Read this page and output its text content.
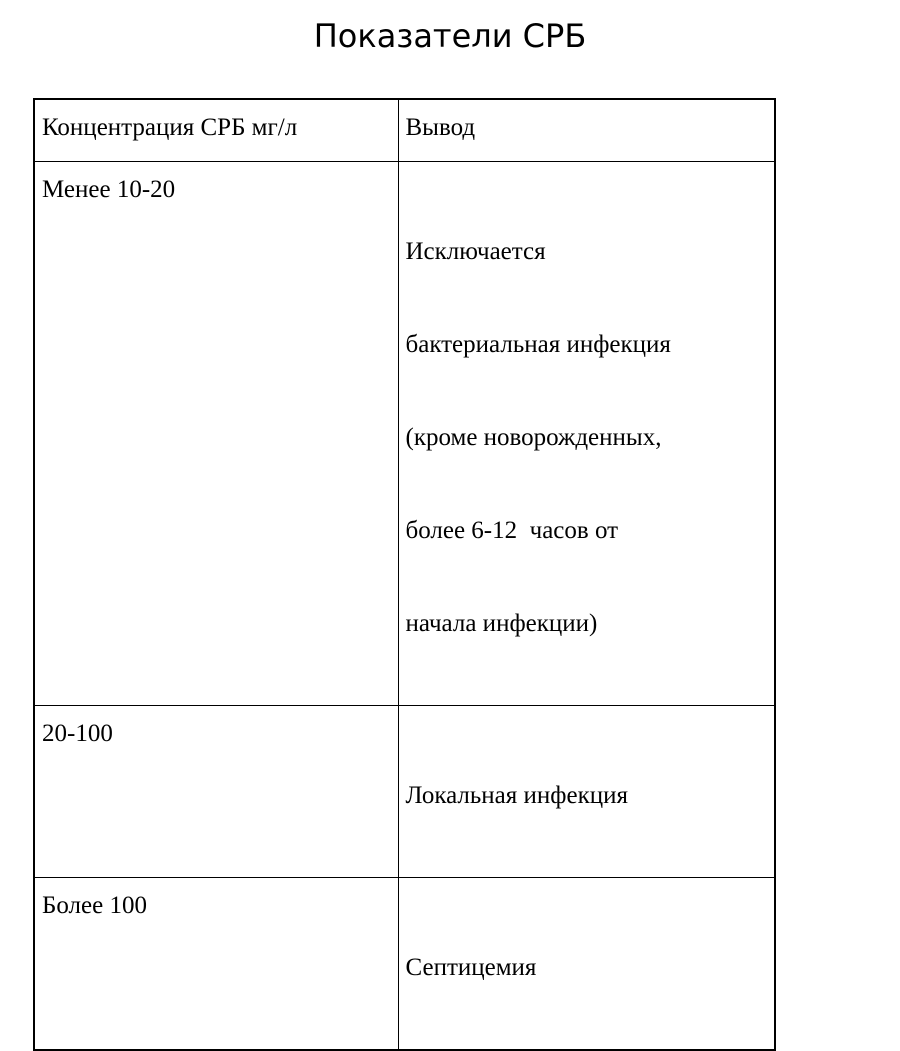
Показатели СРБ
Концентрация СРБ мг/л	Вывод
Менее 10-20	Исключается

бактериальная инфекция

(кроме новорожденных,

более 6-12  часов от

начала инфекции)

20-100	Локальная инфекция

Более 100	Септицемия
